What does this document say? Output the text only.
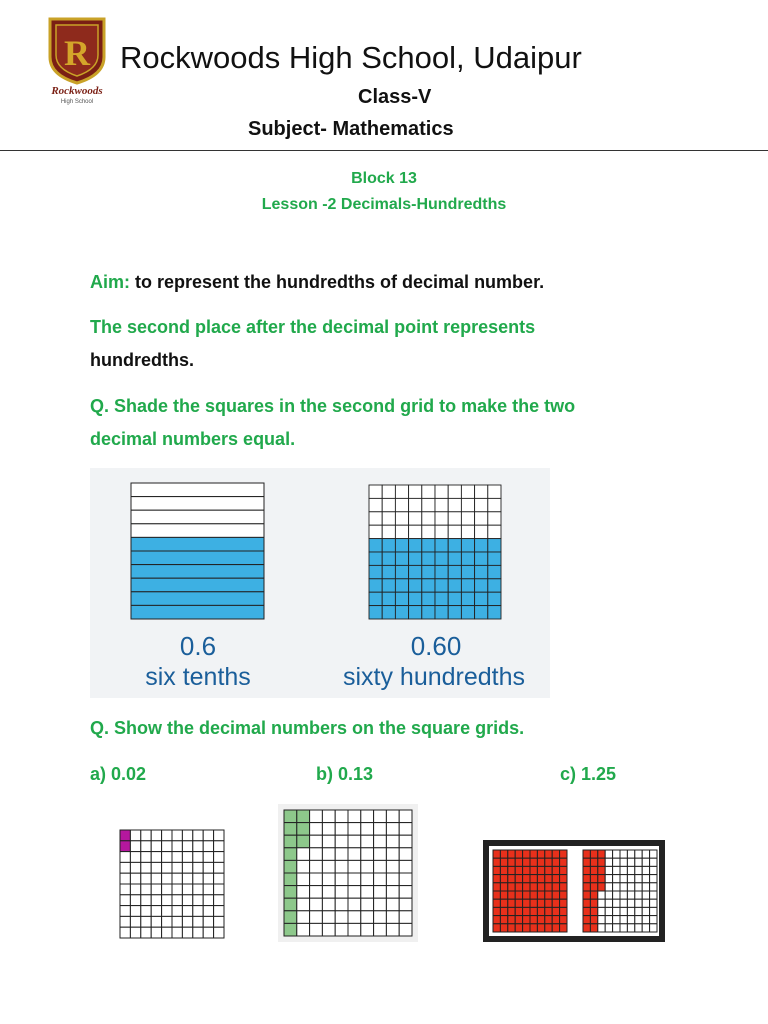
R
Rockwoods
High School
Rockwoods High School, Udaipur
Class-V
Subject- Mathematics
Block 13
Lesson -2 Decimals-Hundredths
Aim: to represent the hundredths of decimal number.
The second place after the decimal point represents
hundredths.
Q. Shade the squares in the second grid to make the two
decimal numbers equal.
0.6
six tenths
0.60
sixty hundredths
Q. Show the decimal numbers on the square grids.
a) 0.02	b) 0.13	c) 1.25
